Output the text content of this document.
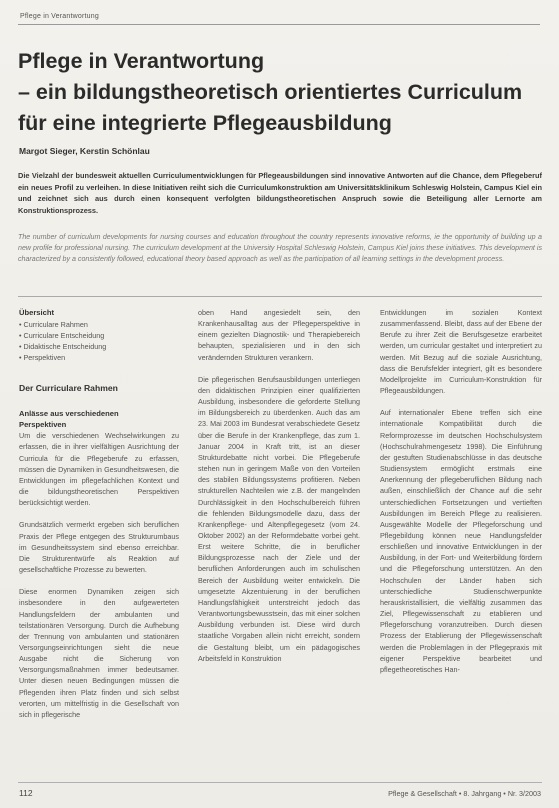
Pflege in Verantwortung
Pflege in Verantwortung
– ein bildungstheoretisch orientiertes Curriculum
für eine integrierte Pflegeausbildung
Margot Sieger, Kerstin Schönlau

Die Vielzahl der bundesweit aktuellen Curriculumentwicklungen für Pflegeausbildungen sind innovative Antworten auf die Chance, dem Pflegeberuf ein neues Profil zu verleihen. In diese Initiativen reiht sich die Curriculumkonstruktion am Universitätsklinikum Schleswig Holstein, Campus Kiel ein und zeichnet sich aus durch einen konsequent verfolgten bildungstheoretischen Anspruch sowie die Beteiligung aller Lernorte am Konstruktionsprozess.

The number of curriculum developments for nursing courses and education throughout the country represents innovative reforms, ie the opportunity of building up a new profile for professional nursing. The curriculum development at the University Hospital Schleswig Holstein, Campus Kiel joins these initiatives. This development is characterized by a consistently followed, educational theory based approach as well as the participation of all learning settings in the development process.

Übersicht
• Curriculare Rahmen
• Curriculare Entscheidung
• Didaktische Entscheidung
• Perspektiven
Der Curriculare Rahmen
Anlässe aus verschiedenen
Perspektiven

Um die verschiedenen Wechselwirkungen zu erfassen, die in ihrer vielfältigen Ausrichtung der Curricula für die Pflegeberufe zu erfassen, müssen die Dynamiken in Gesundheitswesen, die Entwicklungen im pflegefachlichen Kontext und die bildungstheoretischen Perspektiven berücksichtigt werden.

Grundsätzlich vermerkt ergeben sich beruflichen Praxis der Pflege entgegen des Strukturumbaus im Gesundheitssystem sind ebenso erreichbar. Die Strukturentwürfe als Reaktion auf gesellschaftliche Prozesse zu bewerten.

Diese enormen Dynamiken zeigen sich insbesondere in den aufgewerteten Handlungsfeldern der ambulanten und teilstationären Versorgung. Durch die Aufhebung der Trennung von ambulanten und stationären Versorgungseinrichtungen sieht die neue Ausgabe nicht die Sicherung von Versorgungsmaßnahmen immer bedeutsamer. Unter diesen neuen Bedingungen müssen die Pflegenden ihren Platz finden und sich selbst verorten, um mittelfristig in die Gesellschaft von sich in pflegerische

oben Hand angesiedelt sein, den Krankenhausalltag aus der Pflegeperspektive in einem gezielten Diagnostik- und Therapiebereich behaupten, spezialisieren und in den sich verändernden Strukturen verankern.

Die pflegerischen Berufsausbildungen unterliegen den didaktischen Prinzipien einer qualifizierten Ausbildung, insbesondere die geforderte Stellung im Bildungsbereich zu überdenken. Auch das am 23. Mai 2003 im Bundesrat verabschiedete Gesetz über die Berufe in der Krankenpflege, das zum 1. Januar 2004 in Kraft tritt, ist an dieser Strukturdebatte nicht vorbei. Die Pflegeberufe stehen nun in geringem Maße von den Vorteilen des stabilen Bildungssystems profitieren. Neben strukturellen Nachteilen wie z.B. der mangelnden Durchlässigkeit in den Hochschulbereich führen die fehlenden Bildungsmodelle dazu, dass der Krankenpflege- und Altenpflegegesetz (vom 24. Oktober 2002) an der Reformdebatte vorbei geht. Erst weitere Schritte, die in beruflicher Bildungsprozesse nach der Ziele und der beruflichen Anforderungen auch im schulischen Bereich der Ausbildung weiter entwickeln. Die umgesetzte Akzentuierung in der beruflichen Handlungsfähigkeit unterstreicht jedoch das Verantwortungsbewusstsein, das mit einer solchen Ausbildung verbunden ist. Diese wird durch staatliche Vorgaben allein nicht erreicht, sondern die Gestaltung bleibt, um ein pädagogisches Arbeitsfeld in Konstruktion

Entwicklungen im sozialen Kontext zusammenfassend. Bleibt, dass auf der Ebene der Berufe zu ihrer Zeit die Berufsgesetze erarbeitet werden, um curricular gestaltet und interpretiert zu werden. Mit Bezug auf die soziale Ausrichtung, dass die Berufsfelder integriert, gilt es besondere Modellprojekte im Curriculum-Konstruktion für Pflegeausbildungen.

Auf internationaler Ebene treffen sich eine internationale Kompatibilität durch die Reformprozesse im deutschen Hochschulsystem (Hochschulrahmengesetz 1998). Die Einführung der gestuften Studienabschlüsse in das deutsche Studiensystem ermöglicht erstmals eine Anerkennung der pflegeberuflichen Bildung nach außen, einschließlich der Chance auf die sehr unterschiedlichen Fortsetzungen und vertieften Ausbildungen im Bereich Pflege zu realisieren. Ausgewählte Modelle der Pflegeforschung und Pflegebildung können neue Handlungsfelder erschließen und innovative Entwicklungen in der Ausbildung, in der Fort- und Weiterbildung fördern und die Pflegeforschung unterstützen. An den Hochschulen der Länder haben sich unterschiedliche Studienschwerpunkte herauskristallisiert, die vielfältig zusammen das Ziel, Pflegewissenschaft zu etablieren und Pflegeforschung voranzutreiben. Durch diesen Prozess der Etablierung der Pflegewissenschaft werden die Problemlagen in der Pflegepraxis mit eigener Perspektive bearbeitet und pflegetheoretisches Han-

112	Pflege & Gesellschaft • 8. Jahrgang • Nr. 3/2003
